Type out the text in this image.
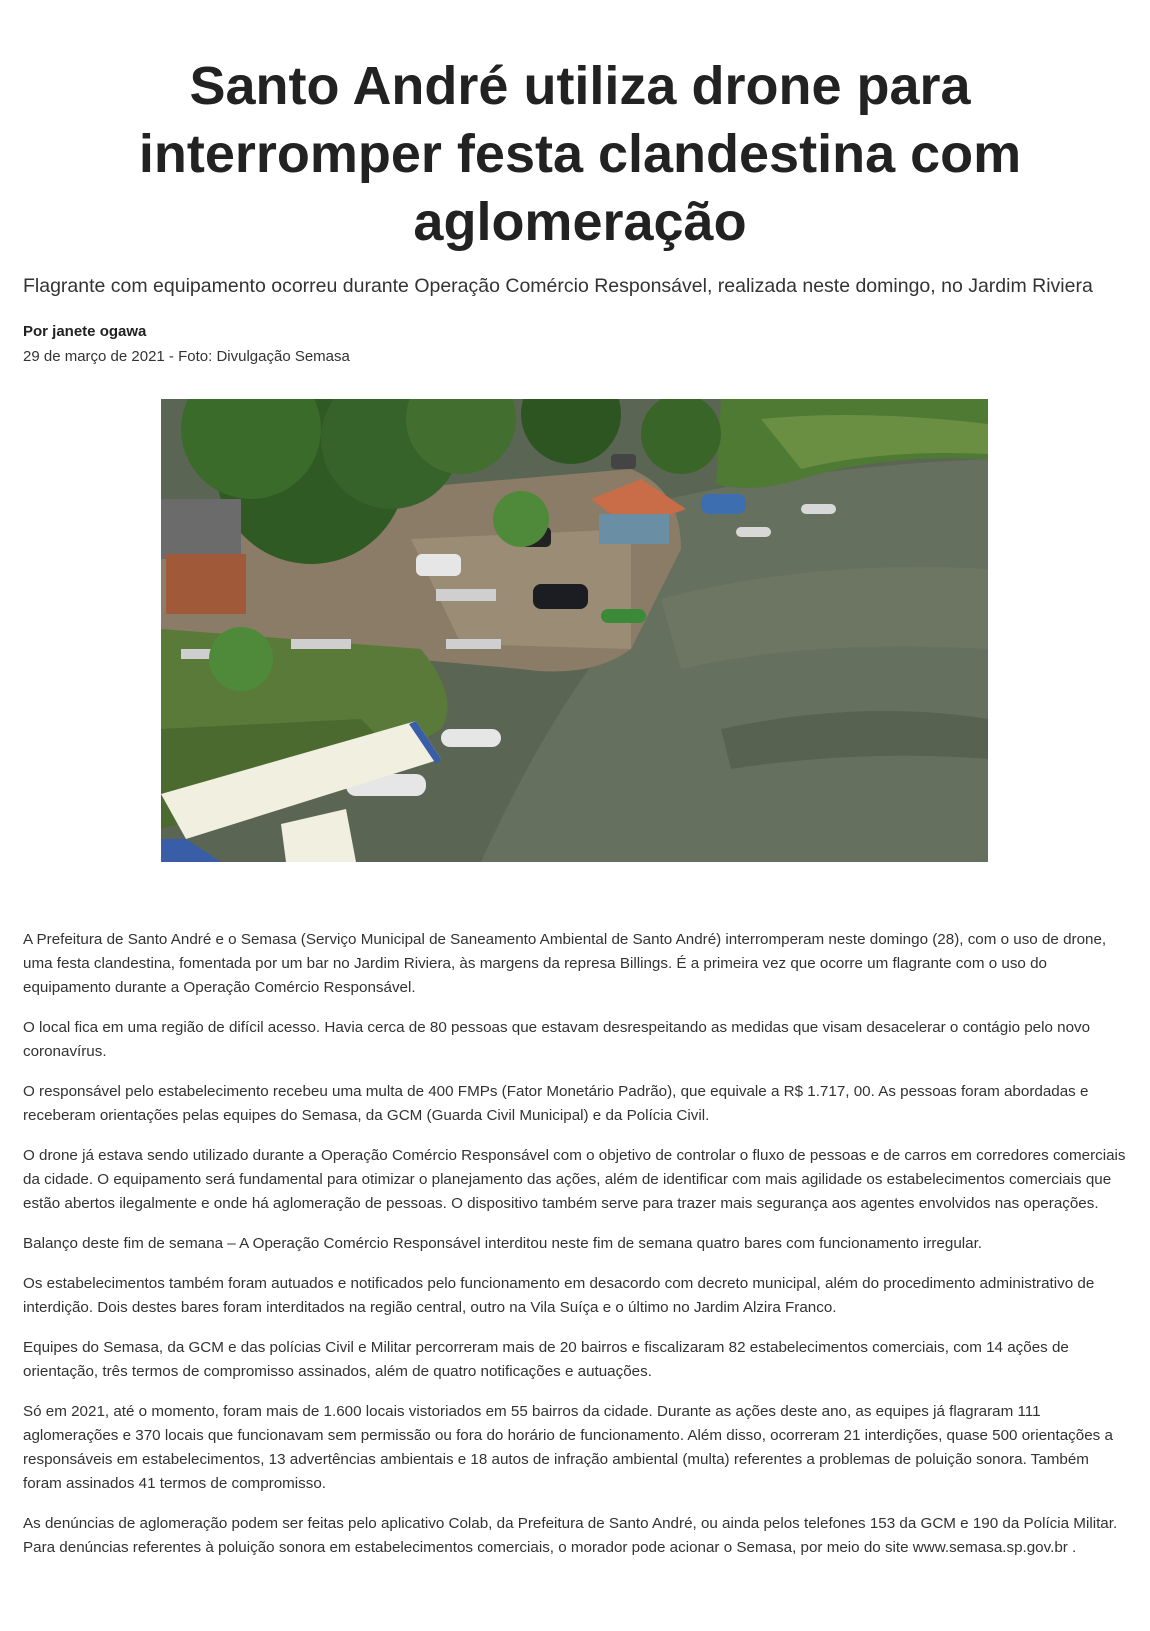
Santo André utiliza drone para interromper festa clandestina com aglomeração

Flagrante com equipamento ocorreu durante Operação Comércio Responsável, realizada neste domingo, no Jardim Riviera

Por janete ogawa

29 de março de 2021 - Foto: Divulgação Semasa

A Prefeitura de Santo André e o Semasa (Serviço Municipal de Saneamento Ambiental de Santo André) interromperam neste domingo (28), com o uso de drone, uma festa clandestina, fomentada por um bar no Jardim Riviera, às margens da represa Billings. É a primeira vez que ocorre um flagrante com o uso do equipamento durante a Operação Comércio Responsável.

O local fica em uma região de difícil acesso. Havia cerca de 80 pessoas que estavam desrespeitando as medidas que visam desacelerar o contágio pelo novo coronavírus.

O responsável pelo estabelecimento recebeu uma multa de 400 FMPs (Fator Monetário Padrão), que equivale a R$ 1.717, 00. As pessoas foram abordadas e receberam orientações pelas equipes do Semasa, da GCM (Guarda Civil Municipal) e da Polícia Civil.

O drone já estava sendo utilizado durante a Operação Comércio Responsável com o objetivo de controlar o fluxo de pessoas e de carros em corredores comerciais da cidade. O equipamento será fundamental para otimizar o planejamento das ações, além de identificar com mais agilidade os estabelecimentos comerciais que estão abertos ilegalmente e onde há aglomeração de pessoas. O dispositivo também serve para trazer mais segurança aos agentes envolvidos nas operações.

Balanço deste fim de semana – A Operação Comércio Responsável interditou neste fim de semana quatro bares com funcionamento irregular.

Os estabelecimentos também foram autuados e notificados pelo funcionamento em desacordo com decreto municipal, além do procedimento administrativo de interdição. Dois destes bares foram interditados na região central, outro na Vila Suíça e o último no Jardim Alzira Franco.

Equipes do Semasa, da GCM e das polícias Civil e Militar percorreram mais de 20 bairros e fiscalizaram 82 estabelecimentos comerciais, com 14 ações de orientação, três termos de compromisso assinados, além de quatro notificações e autuações.

Só em 2021, até o momento, foram mais de 1.600 locais vistoriados em 55 bairros da cidade. Durante as ações deste ano, as equipes já flagraram 111 aglomerações e 370 locais que funcionavam sem permissão ou fora do horário de funcionamento. Além disso, ocorreram 21 interdições, quase 500 orientações a responsáveis em estabelecimentos, 13 advertências ambientais e 18 autos de infração ambiental (multa) referentes a problemas de poluição sonora. Também foram assinados 41 termos de compromisso.

As denúncias de aglomeração podem ser feitas pelo aplicativo Colab, da Prefeitura de Santo André, ou ainda pelos telefones 153 da GCM e 190 da Polícia Militar. Para denúncias referentes à poluição sonora em estabelecimentos comerciais, o morador pode acionar o Semasa, por meio do site www.semasa.sp.gov.br .
